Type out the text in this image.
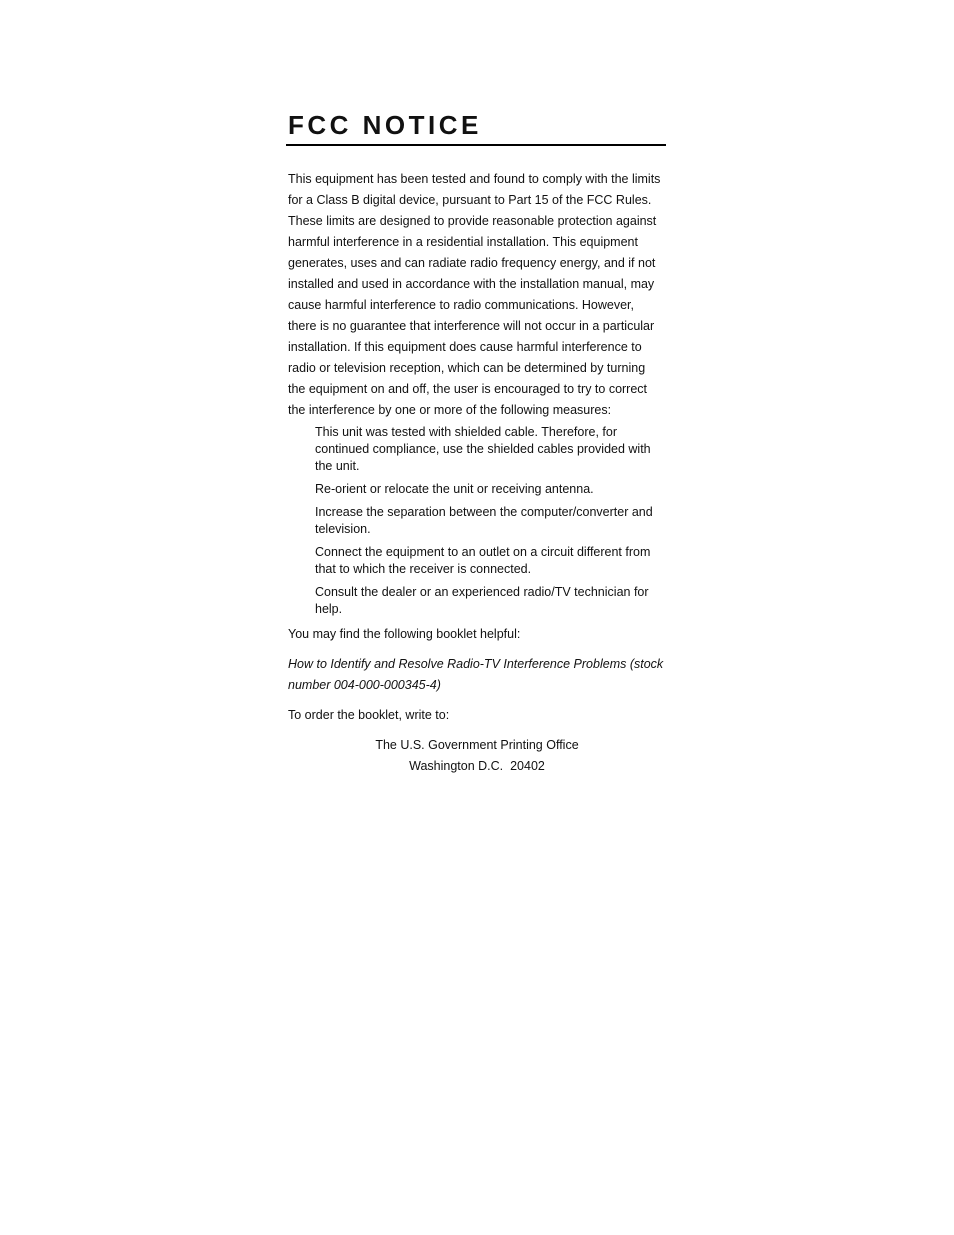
FCC NOTICE

This equipment has been tested and found to comply with the limits for a Class B digital device, pursuant to Part 15 of the FCC Rules. These limits are designed to provide reasonable protection against harmful interference in a residential installation. This equipment generates, uses and can radiate radio frequency energy, and if not installed and used in accordance with the installation manual, may cause harmful interference to radio communications. However, there is no guarantee that interference will not occur in a particular installation. If this equipment does cause harmful interference to radio or television reception, which can be determined by turning the equipment on and off, the user is encouraged to try to correct the interference by one or more of the following measures:

This unit was tested with shielded cable. Therefore, for continued compliance, use the shielded cables provided with the unit.
Re-orient or relocate the unit or receiving antenna.
Increase the separation between the computer/converter and television.
Connect the equipment to an outlet on a circuit different from that to which the receiver is connected.
Consult the dealer or an experienced radio/TV technician for help.

You may find the following booklet helpful:

How to Identify and Resolve Radio-TV Interference Problems (stock number 004-000-000345-4)

To order the booklet, write to:

The U.S. Government Printing Office
Washington D.C.  20402
